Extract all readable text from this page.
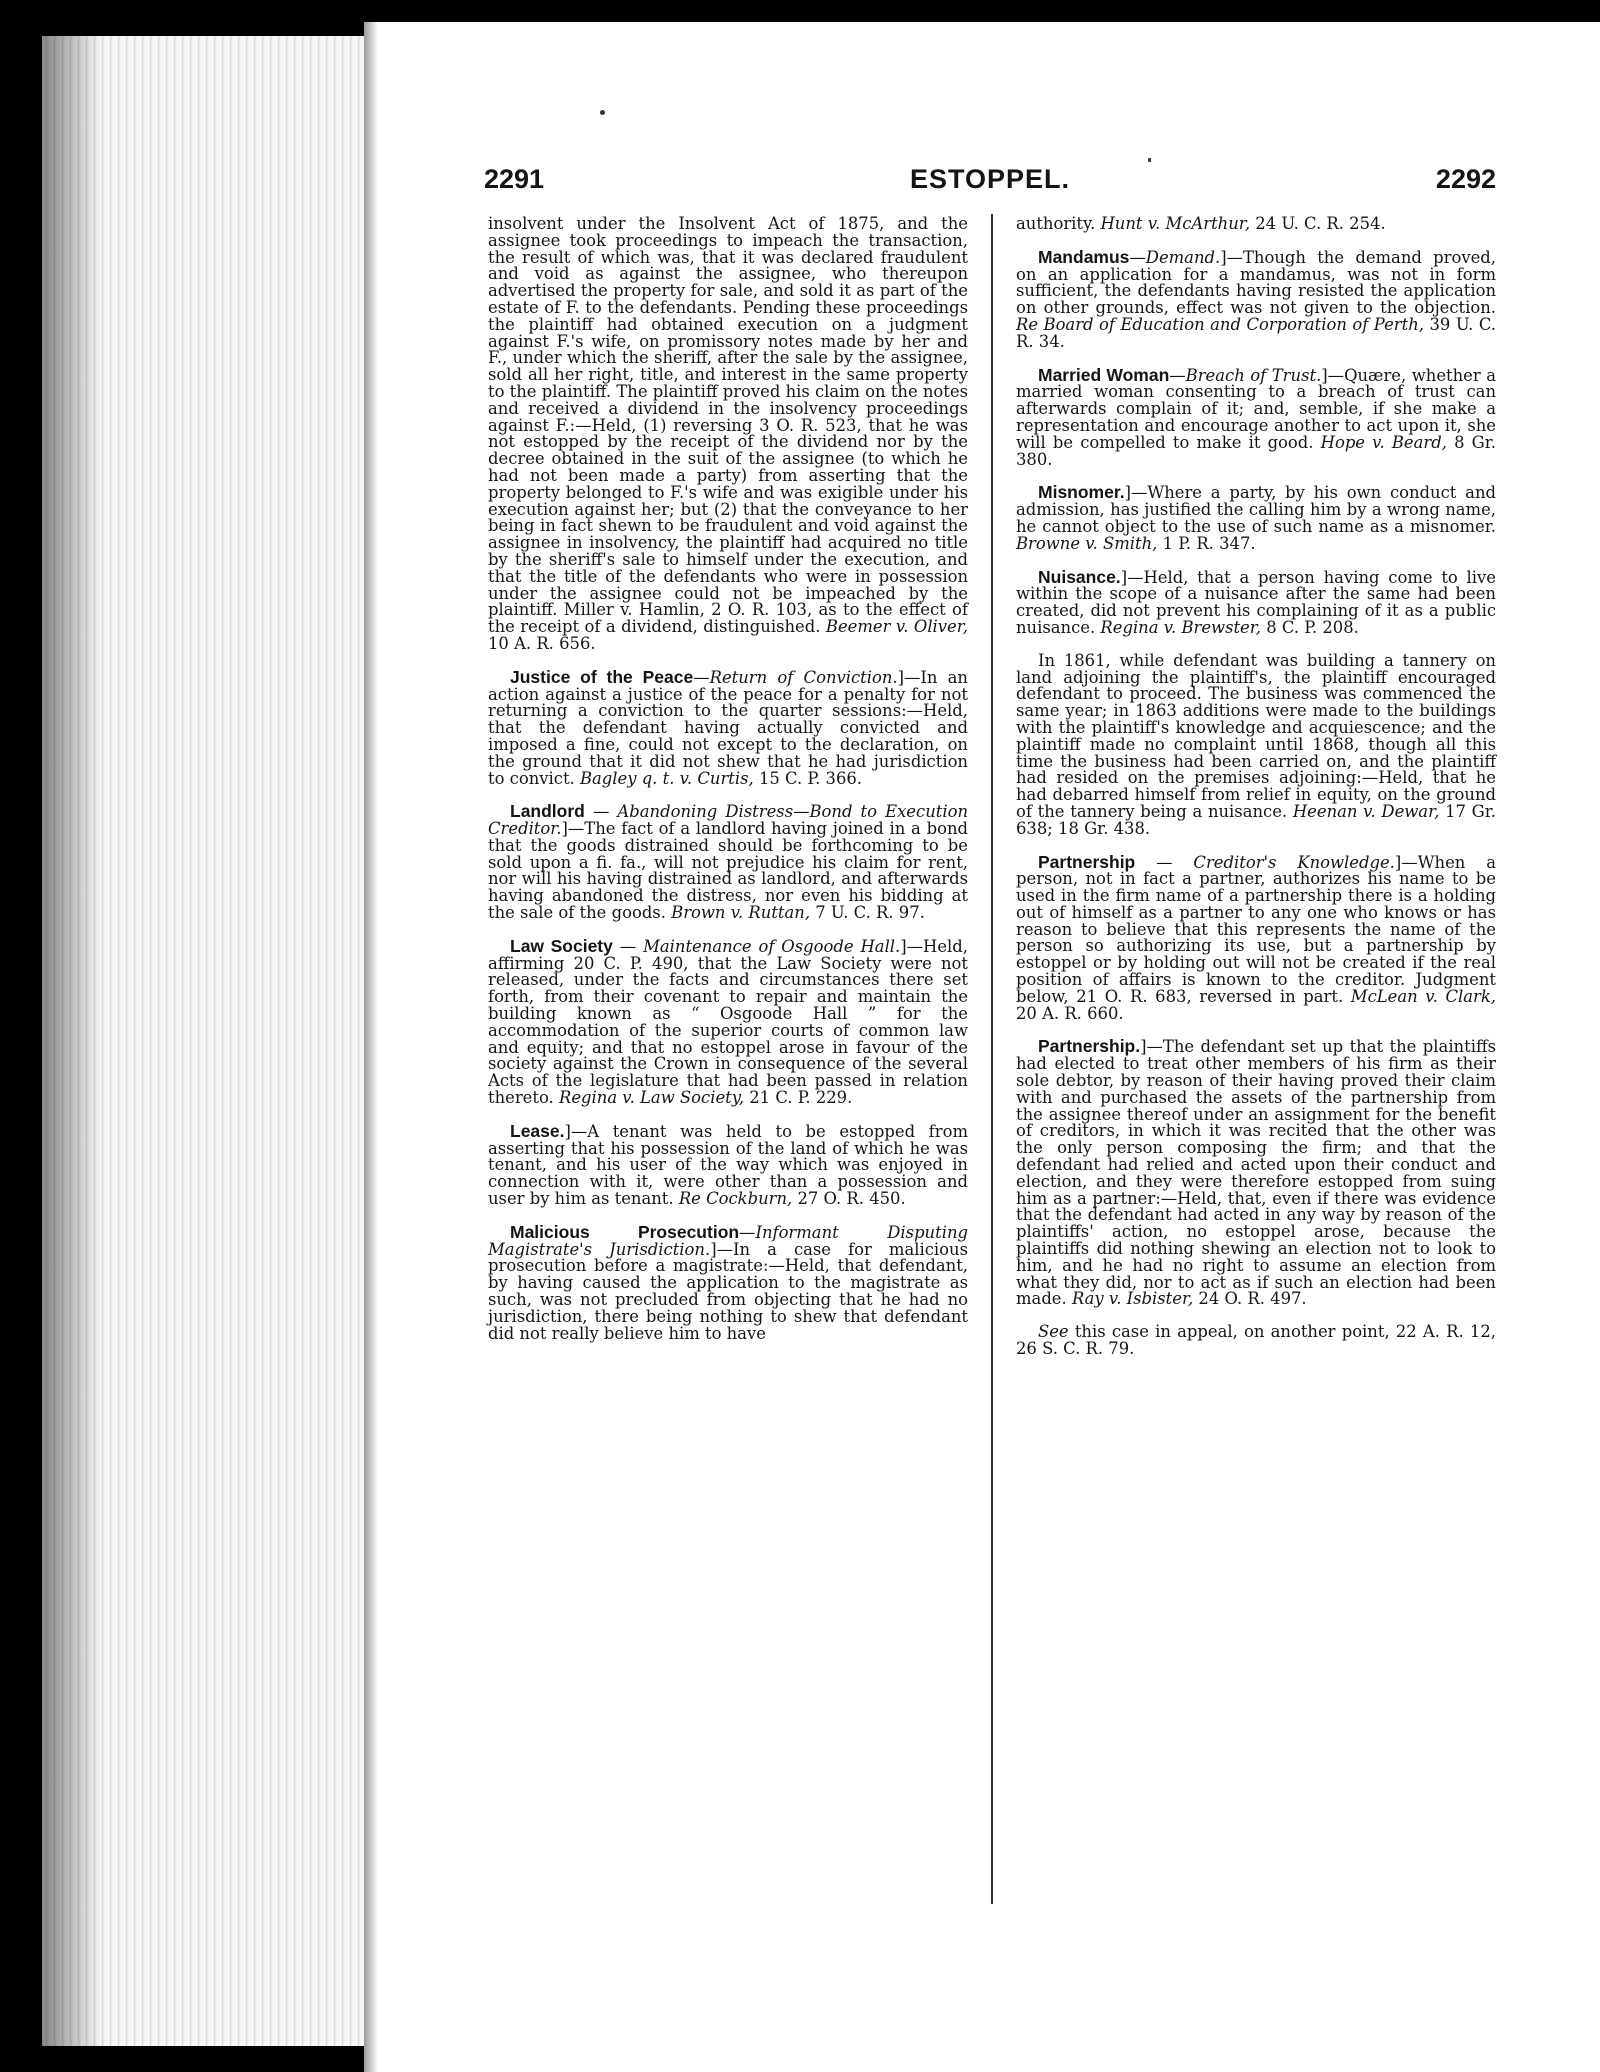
2291	ESTOPPEL.	2292

insolvent under the Insolvent Act of 1875, and the assignee took proceedings to impeach the transaction, the result of which was, that it was declared fraudulent and void as against the assignee, who thereupon advertised the property for sale, and sold it as part of the estate of F. to the defendants. Pending these proceedings the plaintiff had obtained execution on a judgment against F.'s wife, on promissory notes made by her and F., under which the sheriff, after the sale by the assignee, sold all her right, title, and interest in the same property to the plaintiff. The plaintiff proved his claim on the notes and received a dividend in the insolvency proceedings against F.:—Held, (1) reversing 3 O. R. 523, that he was not estopped by the receipt of the dividend nor by the decree obtained in the suit of the assignee (to which he had not been made a party) from asserting that the property belonged to F.'s wife and was exigible under his execution against her; but (2) that the conveyance to her being in fact shewn to be fraudulent and void against the assignee in insolvency, the plaintiff had acquired no title by the sheriff's sale to himself under the execution, and that the title of the defendants who were in possession under the assignee could not be impeached by the plaintiff. Miller v. Hamlin, 2 O. R. 103, as to the effect of the receipt of a dividend, distinguished. Beemer v. Oliver, 10 A. R. 656.

Justice of the Peace—Return of Conviction.]—In an action against a justice of the peace for a penalty for not returning a conviction to the quarter sessions:—Held, that the defendant having actually convicted and imposed a fine, could not except to the declaration, on the ground that it did not shew that he had jurisdiction to convict. Bagley q. t. v. Curtis, 15 C. P. 366.

Landlord — Abandoning Distress—Bond to Execution Creditor.]—The fact of a landlord having joined in a bond that the goods distrained should be forthcoming to be sold upon a fi. fa., will not prejudice his claim for rent, nor will his having distrained as landlord, and afterwards having abandoned the distress, nor even his bidding at the sale of the goods. Brown v. Ruttan, 7 U. C. R. 97.

Law Society — Maintenance of Osgoode Hall.]—Held, affirming 20 C. P. 490, that the Law Society were not released, under the facts and circumstances there set forth, from their covenant to repair and maintain the building known as “ Osgoode Hall ” for the accommodation of the superior courts of common law and equity; and that no estoppel arose in favour of the society against the Crown in consequence of the several Acts of the legislature that had been passed in relation thereto. Regina v. Law Society, 21 C. P. 229.

Lease.]—A tenant was held to be estopped from asserting that his possession of the land of which he was tenant, and his user of the way which was enjoyed in connection with it, were other than a possession and user by him as tenant. Re Cockburn, 27 O. R. 450.

Malicious Prosecution—Informant Disputing Magistrate's Jurisdiction.]—In a case for malicious prosecution before a magistrate:—Held, that defendant, by having caused the application to the magistrate as such, was not precluded from objecting that he had no jurisdiction, there being nothing to shew that defendant did not really believe him to have

authority. Hunt v. McArthur, 24 U. C. R. 254.

Mandamus—Demand.]—Though the demand proved, on an application for a mandamus, was not in form sufficient, the defendants having resisted the application on other grounds, effect was not given to the objection. Re Board of Education and Corporation of Perth, 39 U. C. R. 34.

Married Woman—Breach of Trust.]—Quære, whether a married woman consenting to a breach of trust can afterwards complain of it; and, semble, if she make a representation and encourage another to act upon it, she will be compelled to make it good. Hope v. Beard, 8 Gr. 380.

Misnomer.]—Where a party, by his own conduct and admission, has justified the calling him by a wrong name, he cannot object to the use of such name as a misnomer. Browne v. Smith, 1 P. R. 347.

Nuisance.]—Held, that a person having come to live within the scope of a nuisance after the same had been created, did not prevent his complaining of it as a public nuisance. Regina v. Brewster, 8 C. P. 208.

In 1861, while defendant was building a tannery on land adjoining the plaintiff's, the plaintiff encouraged defendant to proceed. The business was commenced the same year; in 1863 additions were made to the buildings with the plaintiff's knowledge and acquiescence; and the plaintiff made no complaint until 1868, though all this time the business had been carried on, and the plaintiff had resided on the premises adjoining:—Held, that he had debarred himself from relief in equity, on the ground of the tannery being a nuisance. Heenan v. Dewar, 17 Gr. 638; 18 Gr. 438.

Partnership — Creditor's Knowledge.]—When a person, not in fact a partner, authorizes his name to be used in the firm name of a partnership there is a holding out of himself as a partner to any one who knows or has reason to believe that this represents the name of the person so authorizing its use, but a partnership by estoppel or by holding out will not be created if the real position of affairs is known to the creditor. Judgment below, 21 O. R. 683, reversed in part. McLean v. Clark, 20 A. R. 660.

Partnership.]—The defendant set up that the plaintiffs had elected to treat other members of his firm as their sole debtor, by reason of their having proved their claim with and purchased the assets of the partnership from the assignee thereof under an assignment for the benefit of creditors, in which it was recited that the other was the only person composing the firm; and that the defendant had relied and acted upon their conduct and election, and they were therefore estopped from suing him as a partner:—Held, that, even if there was evidence that the defendant had acted in any way by reason of the plaintiffs' action, no estoppel arose, because the plaintiffs did nothing shewing an election not to look to him, and he had no right to assume an election from what they did, nor to act as if such an election had been made. Ray v. Isbister, 24 O. R. 497.

See this case in appeal, on another point, 22 A. R. 12, 26 S. C. R. 79.
